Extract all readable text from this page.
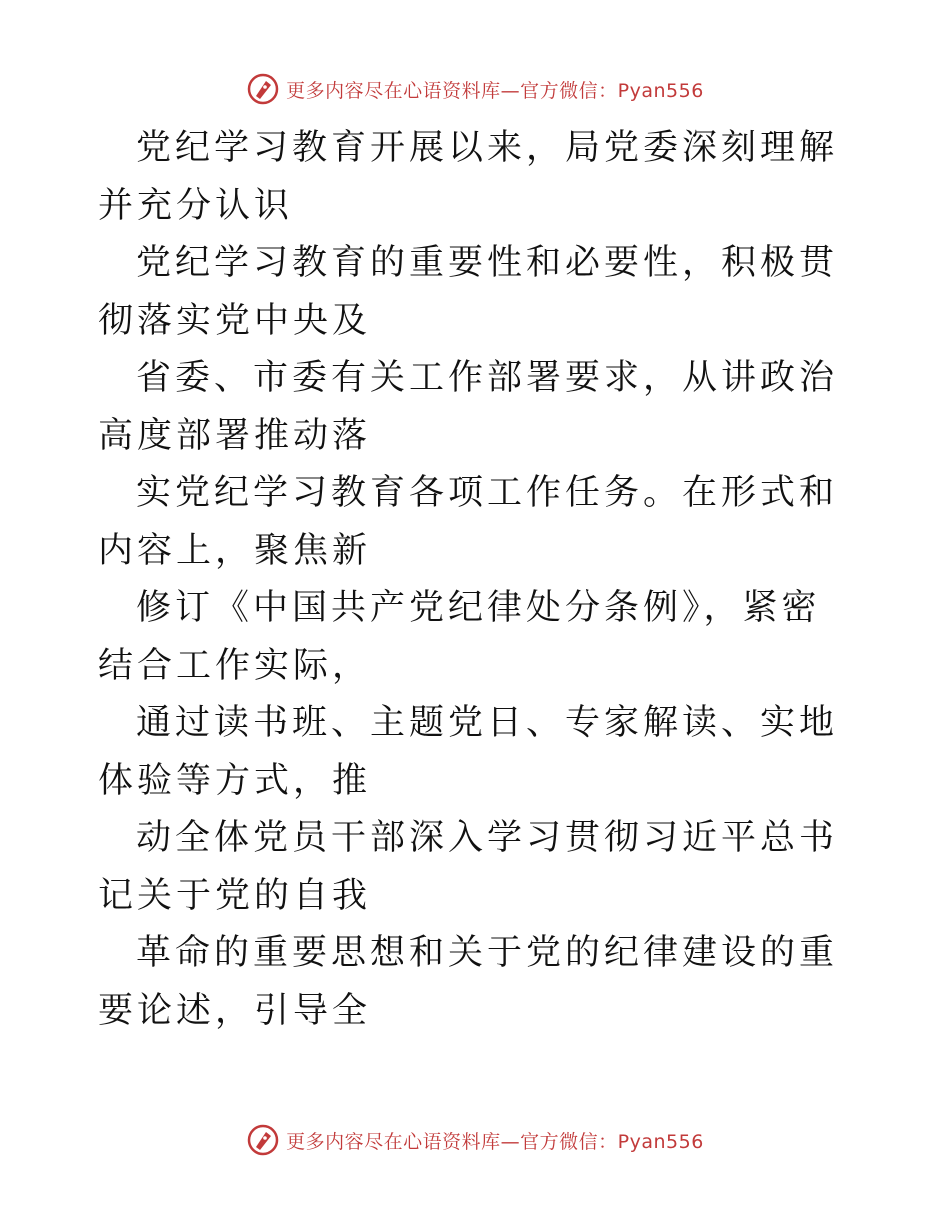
更多内容尽在心语资料库—官方微信：Pyan556

党纪学习教育开展以来，局党委深刻理解并充分认识

党纪学习教育的重要性和必要性，积极贯彻落实党中央及

省委、市委有关工作部署要求，从讲政治高度部署推动落

实党纪学习教育各项工作任务。在形式和内容上，聚焦新

修订《中国共产党纪律处分条例》，紧密结合工作实际，

通过读书班、主题党日、专家解读、实地体验等方式，推

动全体党员干部深入学习贯彻习近平总书记关于党的自我

革命的重要思想和关于党的纪律建设的重要论述，引导全

更多内容尽在心语资料库—官方微信：Pyan556
